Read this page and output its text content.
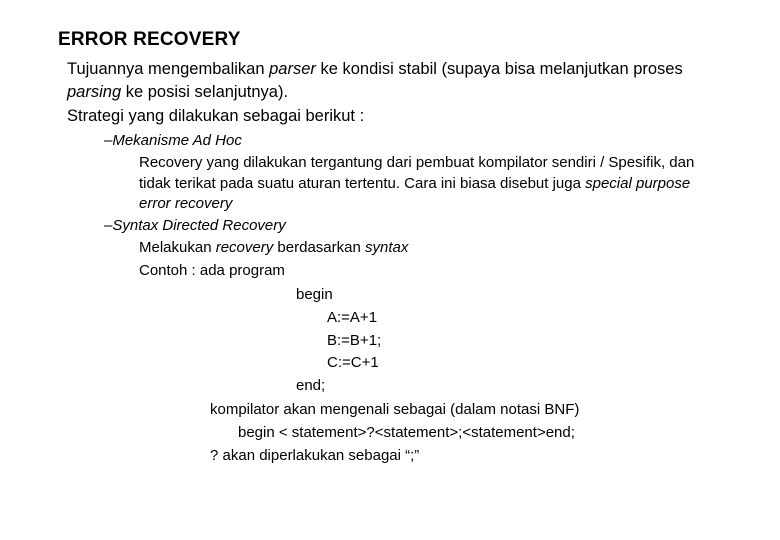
ERROR RECOVERY
Tujuannya mengembalikan parser ke kondisi stabil (supaya bisa melanjutkan proses
parsing ke posisi selanjutnya).
Strategi yang dilakukan sebagai berikut :
–Mekanisme Ad Hoc
Recovery yang dilakukan tergantung dari pembuat kompilator sendiri / Spesifik, dan
tidak terikat pada suatu aturan tertentu. Cara ini biasa disebut juga special purpose
error recovery
–Syntax Directed Recovery
Melakukan recovery berdasarkan syntax
Contoh : ada program
begin
A:=A+1
B:=B+1;
C:=C+1
end;
kompilator akan mengenali sebagai (dalam notasi BNF)
begin < statement>?<statement>;<statement>end;
? akan diperlakukan sebagai “;”
